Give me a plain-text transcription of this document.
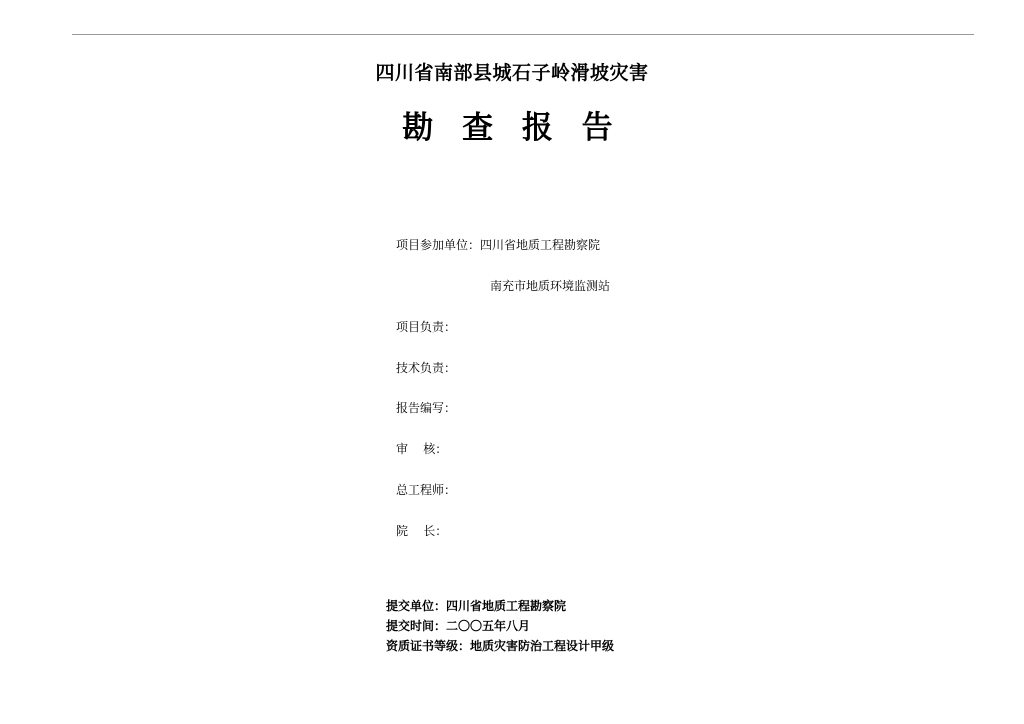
四川省南部县城石子岭滑坡灾害
勘 查 报 告
项目参加单位：四川省地质工程勘察院
南充市地质环境监测站
项目负责：
技术负责：
报告编写：
审    核：
总工程师：
院    长：
提交单位：四川省地质工程勘察院
提交时间：二〇〇五年八月
资质证书等级：地质灾害防治工程设计甲级
